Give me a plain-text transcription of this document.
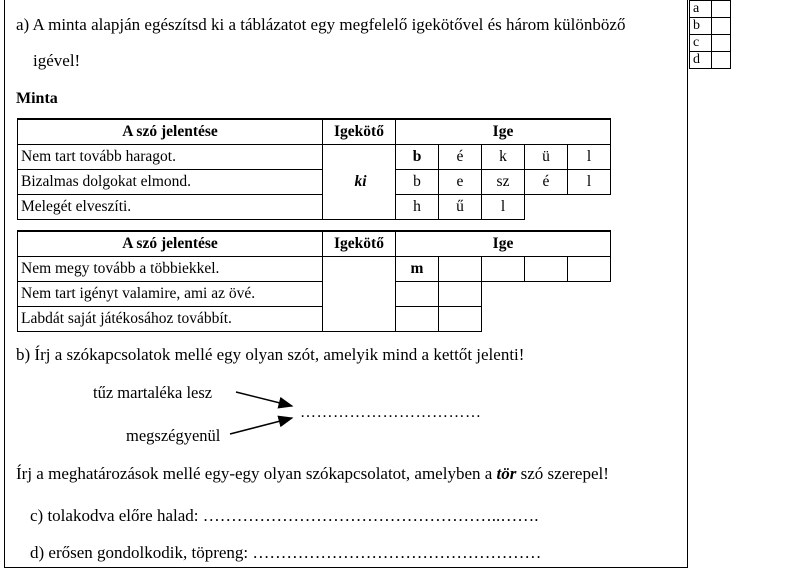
a	
b	
c	
d	
a) A minta alapján egészítsd ki a táblázatot egy megfelelő igekötővel és három különböző
igével!
Minta
A szó jelentése	Igekötő	Ige				
Nem tart tovább haragot.	ki	b	é	k	ü	l
Bizalmas dolgokat elmond.		b	e	sz	é	l
Melegét elveszíti.		h	ű	l		
A szó jelentése	Igekötő	Ige				
Nem megy tovább a többiekkel.		m				
Nem tart igényt valamire, ami az övé.						
Labdát saját játékosához továbbít.						
b) Írj a szókapcsolatok mellé egy olyan szót, amelyik mind a kettőt jelenti!
tűz martaléka lesz
megszégyenül
……………………………
Írj a meghatározások mellé egy-egy olyan szókapcsolatot, amelyben a tör szó szerepel!
c) tolakodva előre halad: ……………………………………………..…….
d) erősen gondolkodik, töpreng: ……………………………………………
